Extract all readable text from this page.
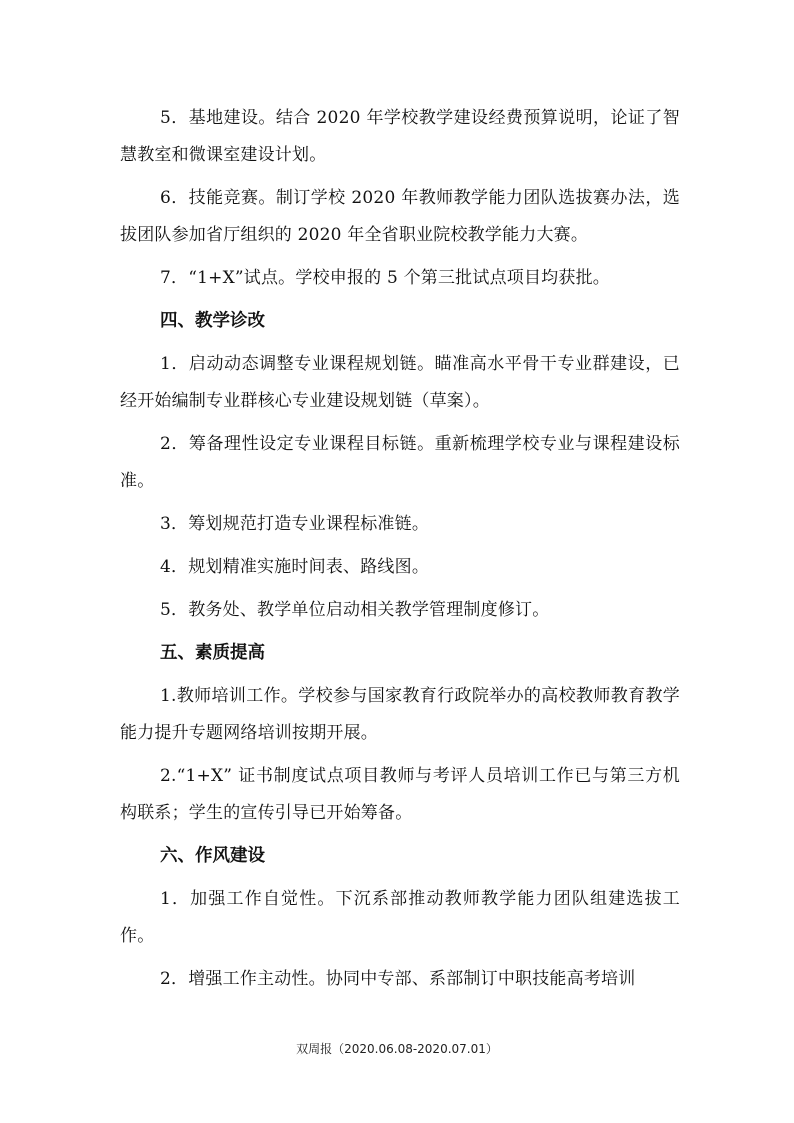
5．基地建设。结合 2020 年学校教学建设经费预算说明，论证了智慧教室和微课室建设计划。

6．技能竞赛。制订学校 2020 年教师教学能力团队选拔赛办法，选拔团队参加省厅组织的 2020 年全省职业院校教学能力大赛。

7．“1+X”试点。学校申报的 5 个第三批试点项目均获批。

四、教学诊改

1．启动动态调整专业课程规划链。瞄准高水平骨干专业群建设，已经开始编制专业群核心专业建设规划链（草案）。

2．筹备理性设定专业课程目标链。重新梳理学校专业与课程建设标准。

3．筹划规范打造专业课程标准链。

4．规划精准实施时间表、路线图。

5．教务处、教学单位启动相关教学管理制度修订。

五、素质提高

1.教师培训工作。学校参与国家教育行政院举办的高校教师教育教学能力提升专题网络培训按期开展。

2.“1+X” 证书制度试点项目教师与考评人员培训工作已与第三方机构联系；学生的宣传引导已开始筹备。

六、作风建设

1．加强工作自觉性。下沉系部推动教师教学能力团队组建选拔工作。

2．增强工作主动性。协同中专部、系部制订中职技能高考培训

双周报（2020.06.08-2020.07.01）
